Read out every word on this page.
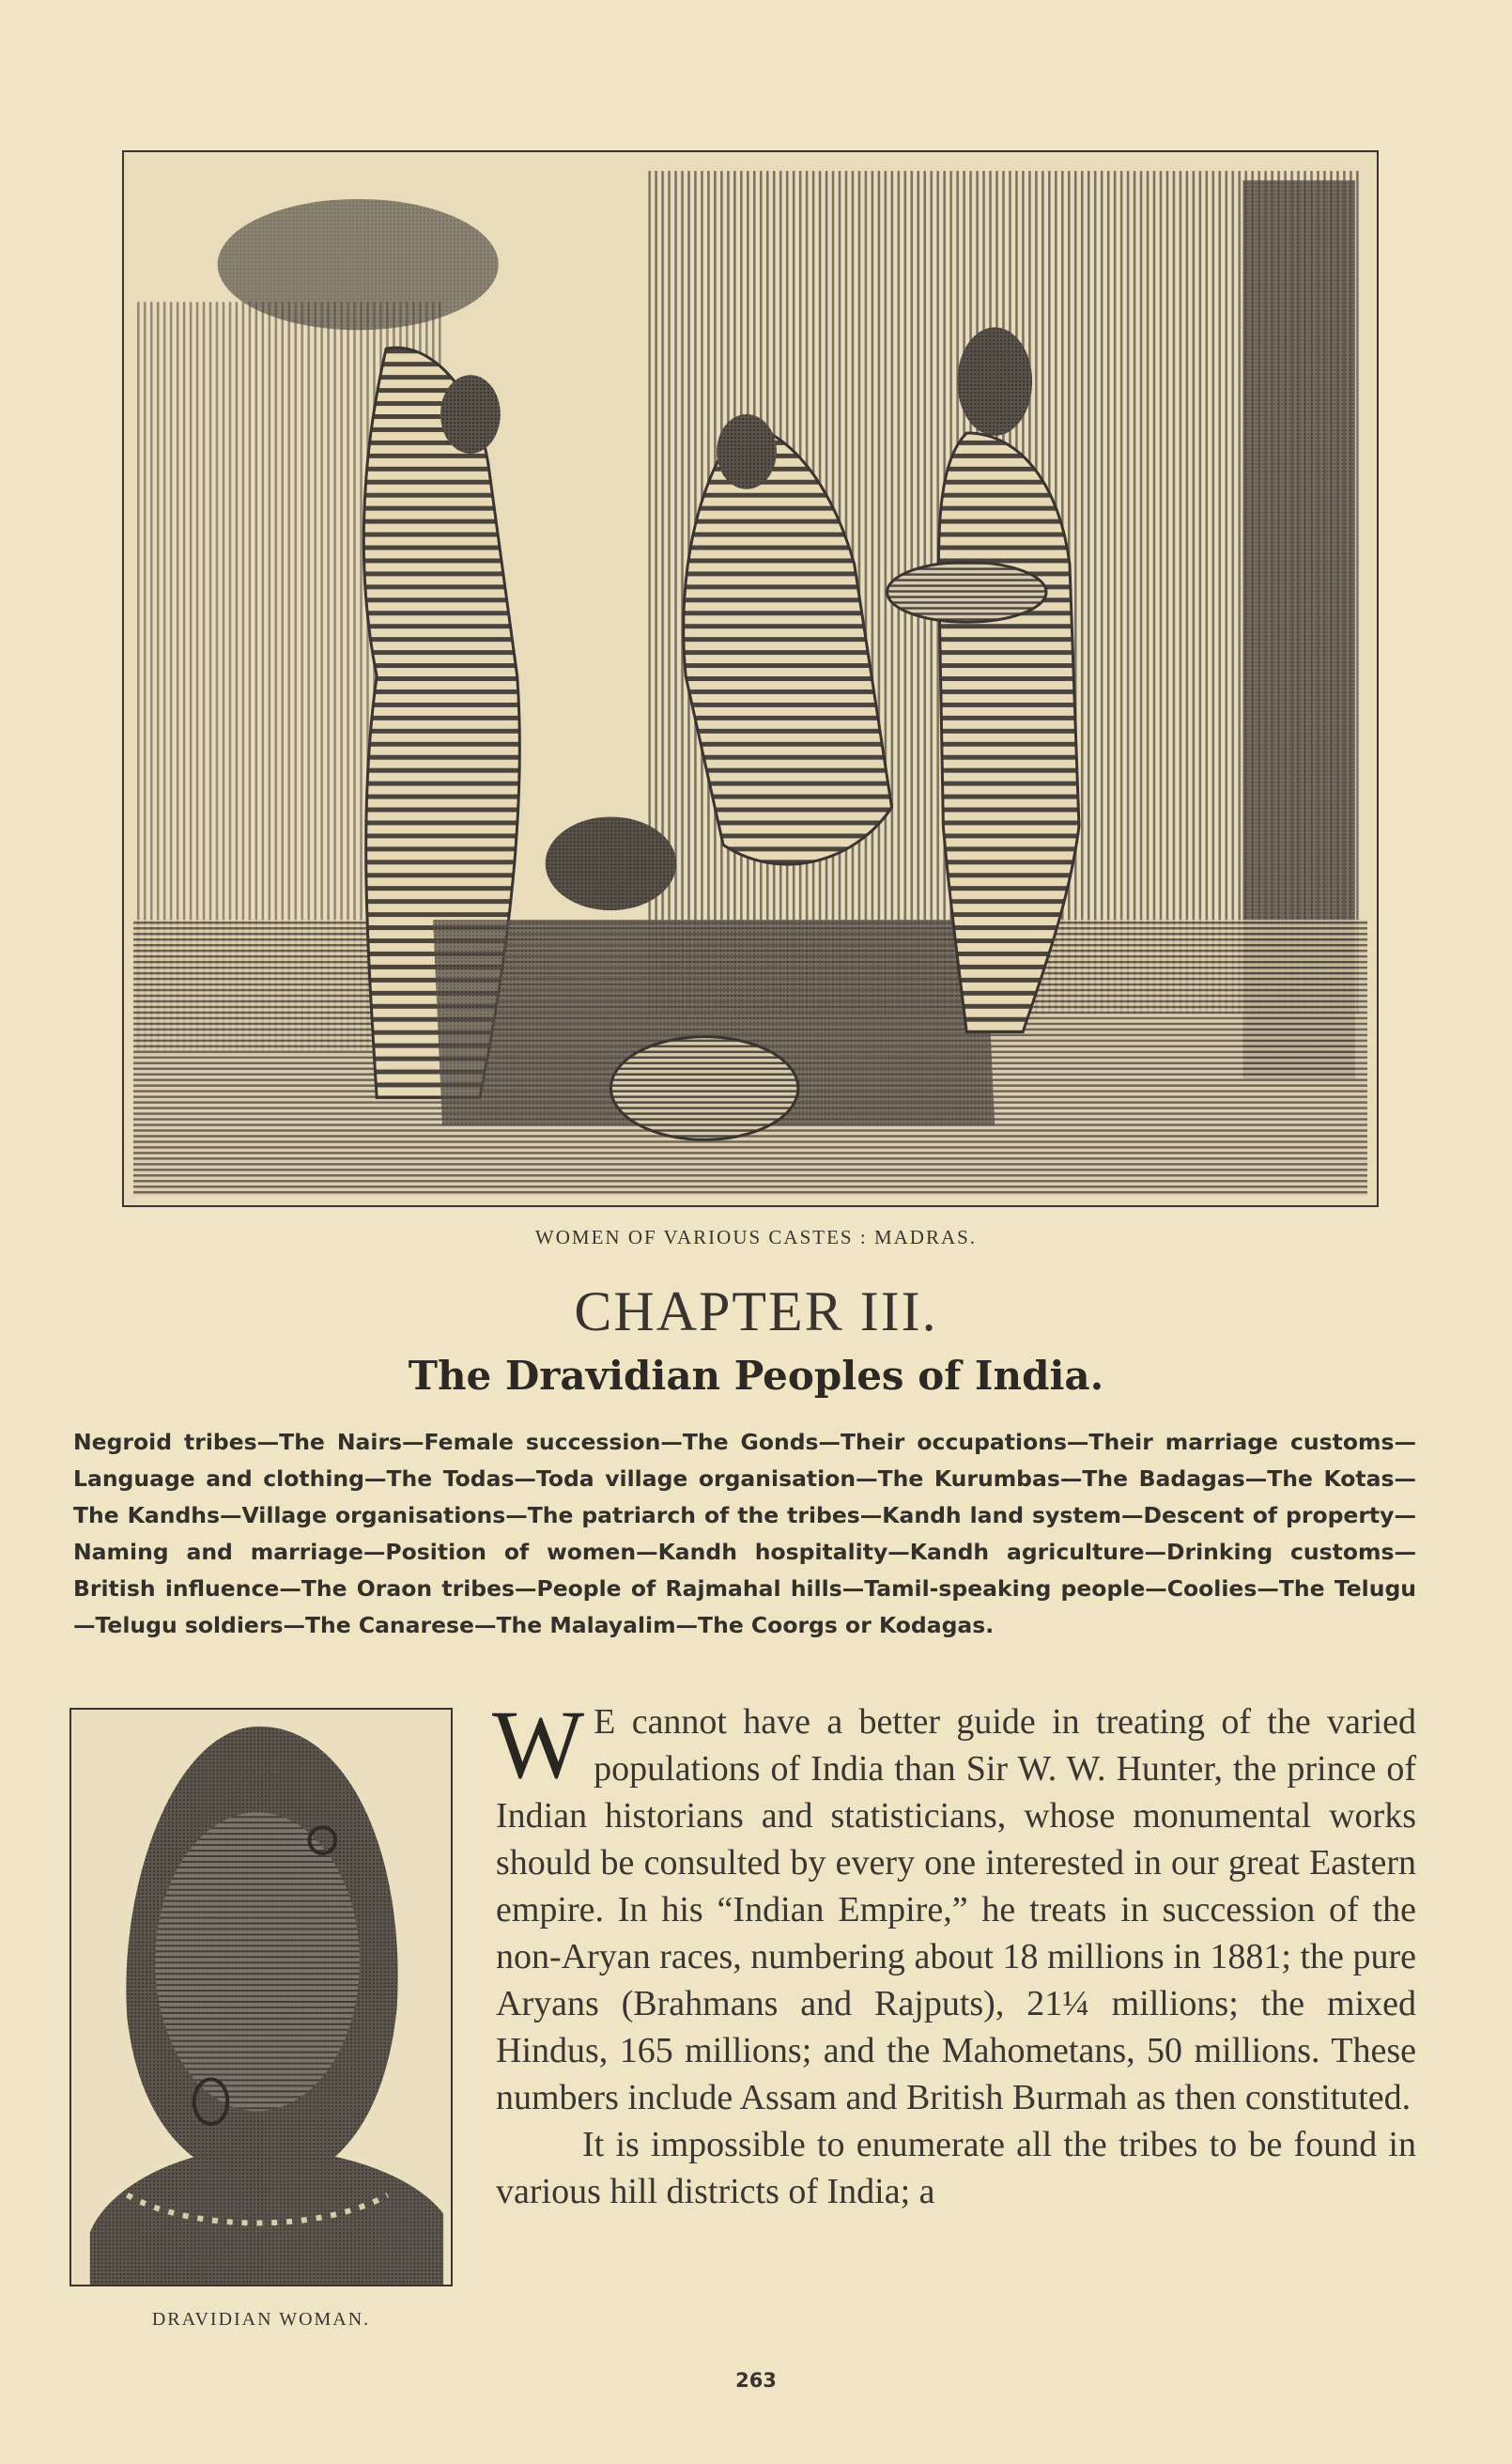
WOMEN OF VARIOUS CASTES : MADRAS.
CHAPTER III.
The Dravidian Peoples of India.
Negroid tribes—The Nairs—Female succession—The Gonds—Their occupations—Their marriage customs—Language and clothing—The Todas—Toda village organisation—The Kurumbas—The Badagas—The Kotas—The Kandhs—Village organisations—The patriarch of the tribes—Kandh land system—Descent of property—Naming and marriage—Position of women—Kandh hospitality—Kandh agriculture—Drinking customs—British influence—The Oraon tribes—People of Rajmahal hills—Tamil-speaking people—Coolies—The Telugu—Telugu soldiers—The Canarese—The Malayalim—The Coorgs or Kodagas.
DRAVIDIAN WOMAN.

W E cannot have a better guide in treating of the varied populations of India than Sir W. W. Hunter, the prince of Indian historians and statisticians, whose monumental works should be consulted by every one interested in our great Eastern empire. In his “Indian Empire,” he treats in succession of the non-Aryan races, numbering about 18 millions in 1881; the pure Aryans (Brahmans and Rajputs), 21¼ millions; the mixed Hindus, 165 millions; and the Mahometans, 50 millions. These numbers include Assam and British Burmah as then constituted.

It is impossible to enumerate all the tribes to be found in various hill districts of India; a

263
